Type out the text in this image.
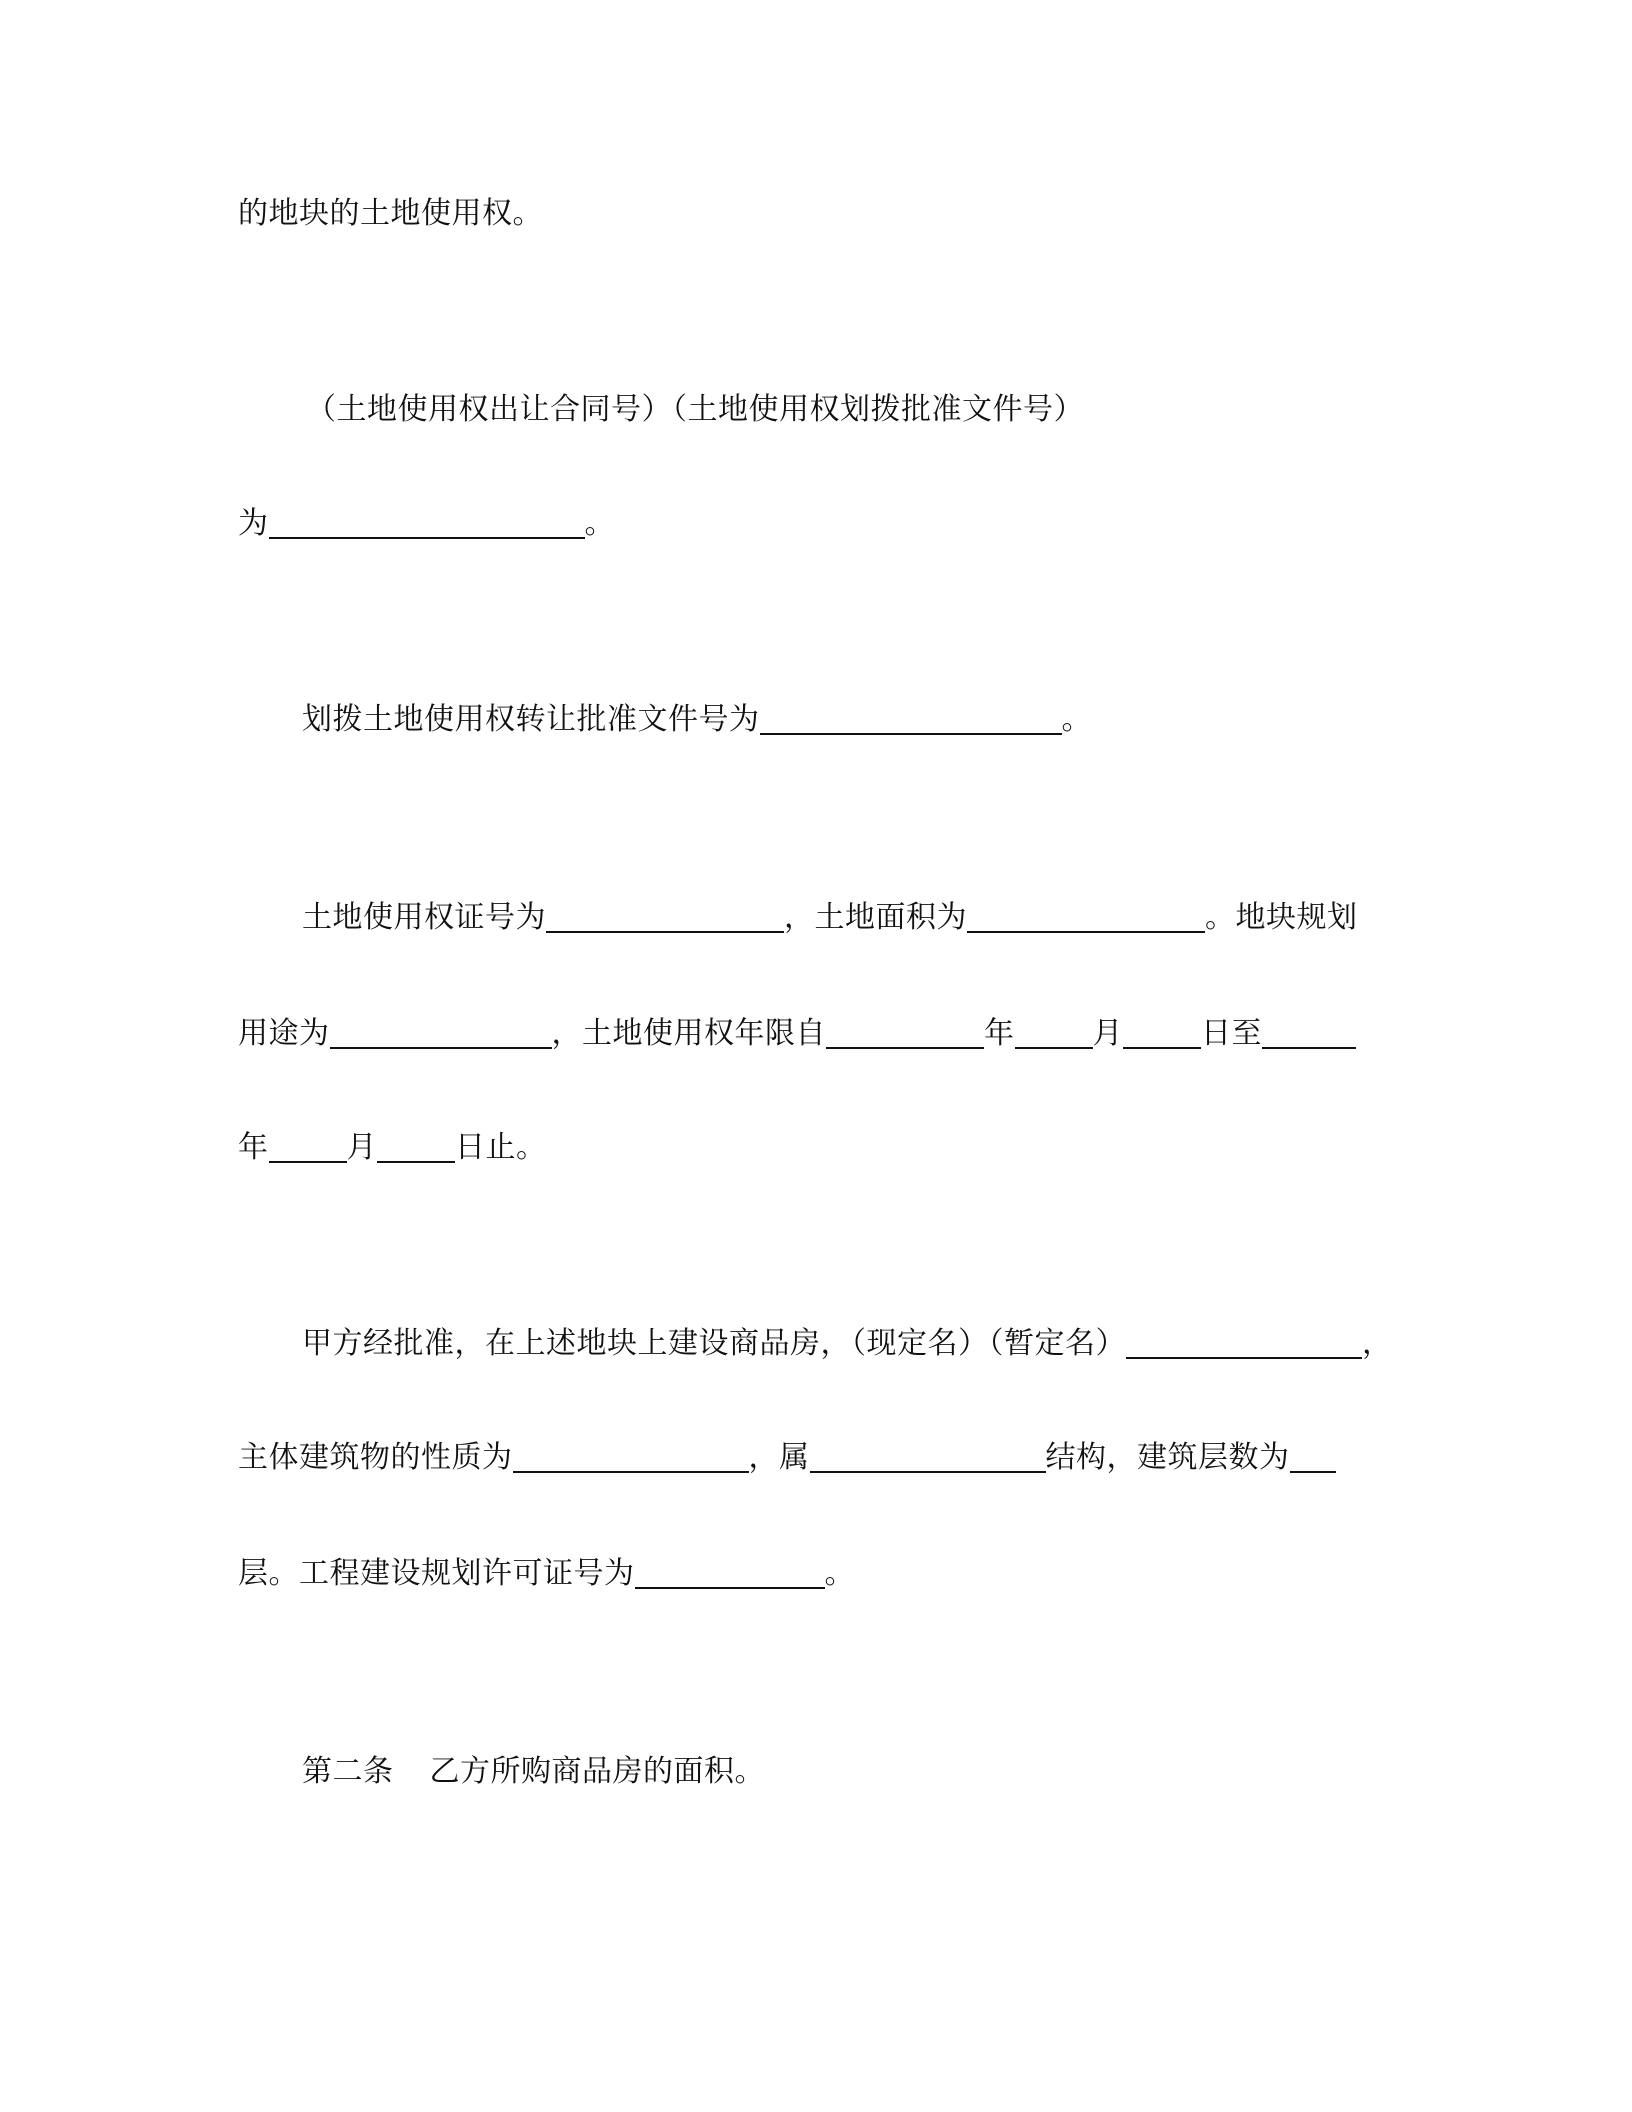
的地块的土地使用权。
（土地使用权出让合同号）（土地使用权划拨批准文件号）
为	。
划拨土地使用权转让批准文件号为	。
土地使用权证号为	，土地面积为	。地块规划
用途为	，土地使用权年限自	年	月	日至
年	月	日止。
甲方经批准，在上述地块上建设商品房，（现定名）（暂定名）	，
主体建筑物的性质为	，属	结构，建筑层数为
层。工程建设规划许可证号为	。
第二条 乙方所购商品房的面积。
